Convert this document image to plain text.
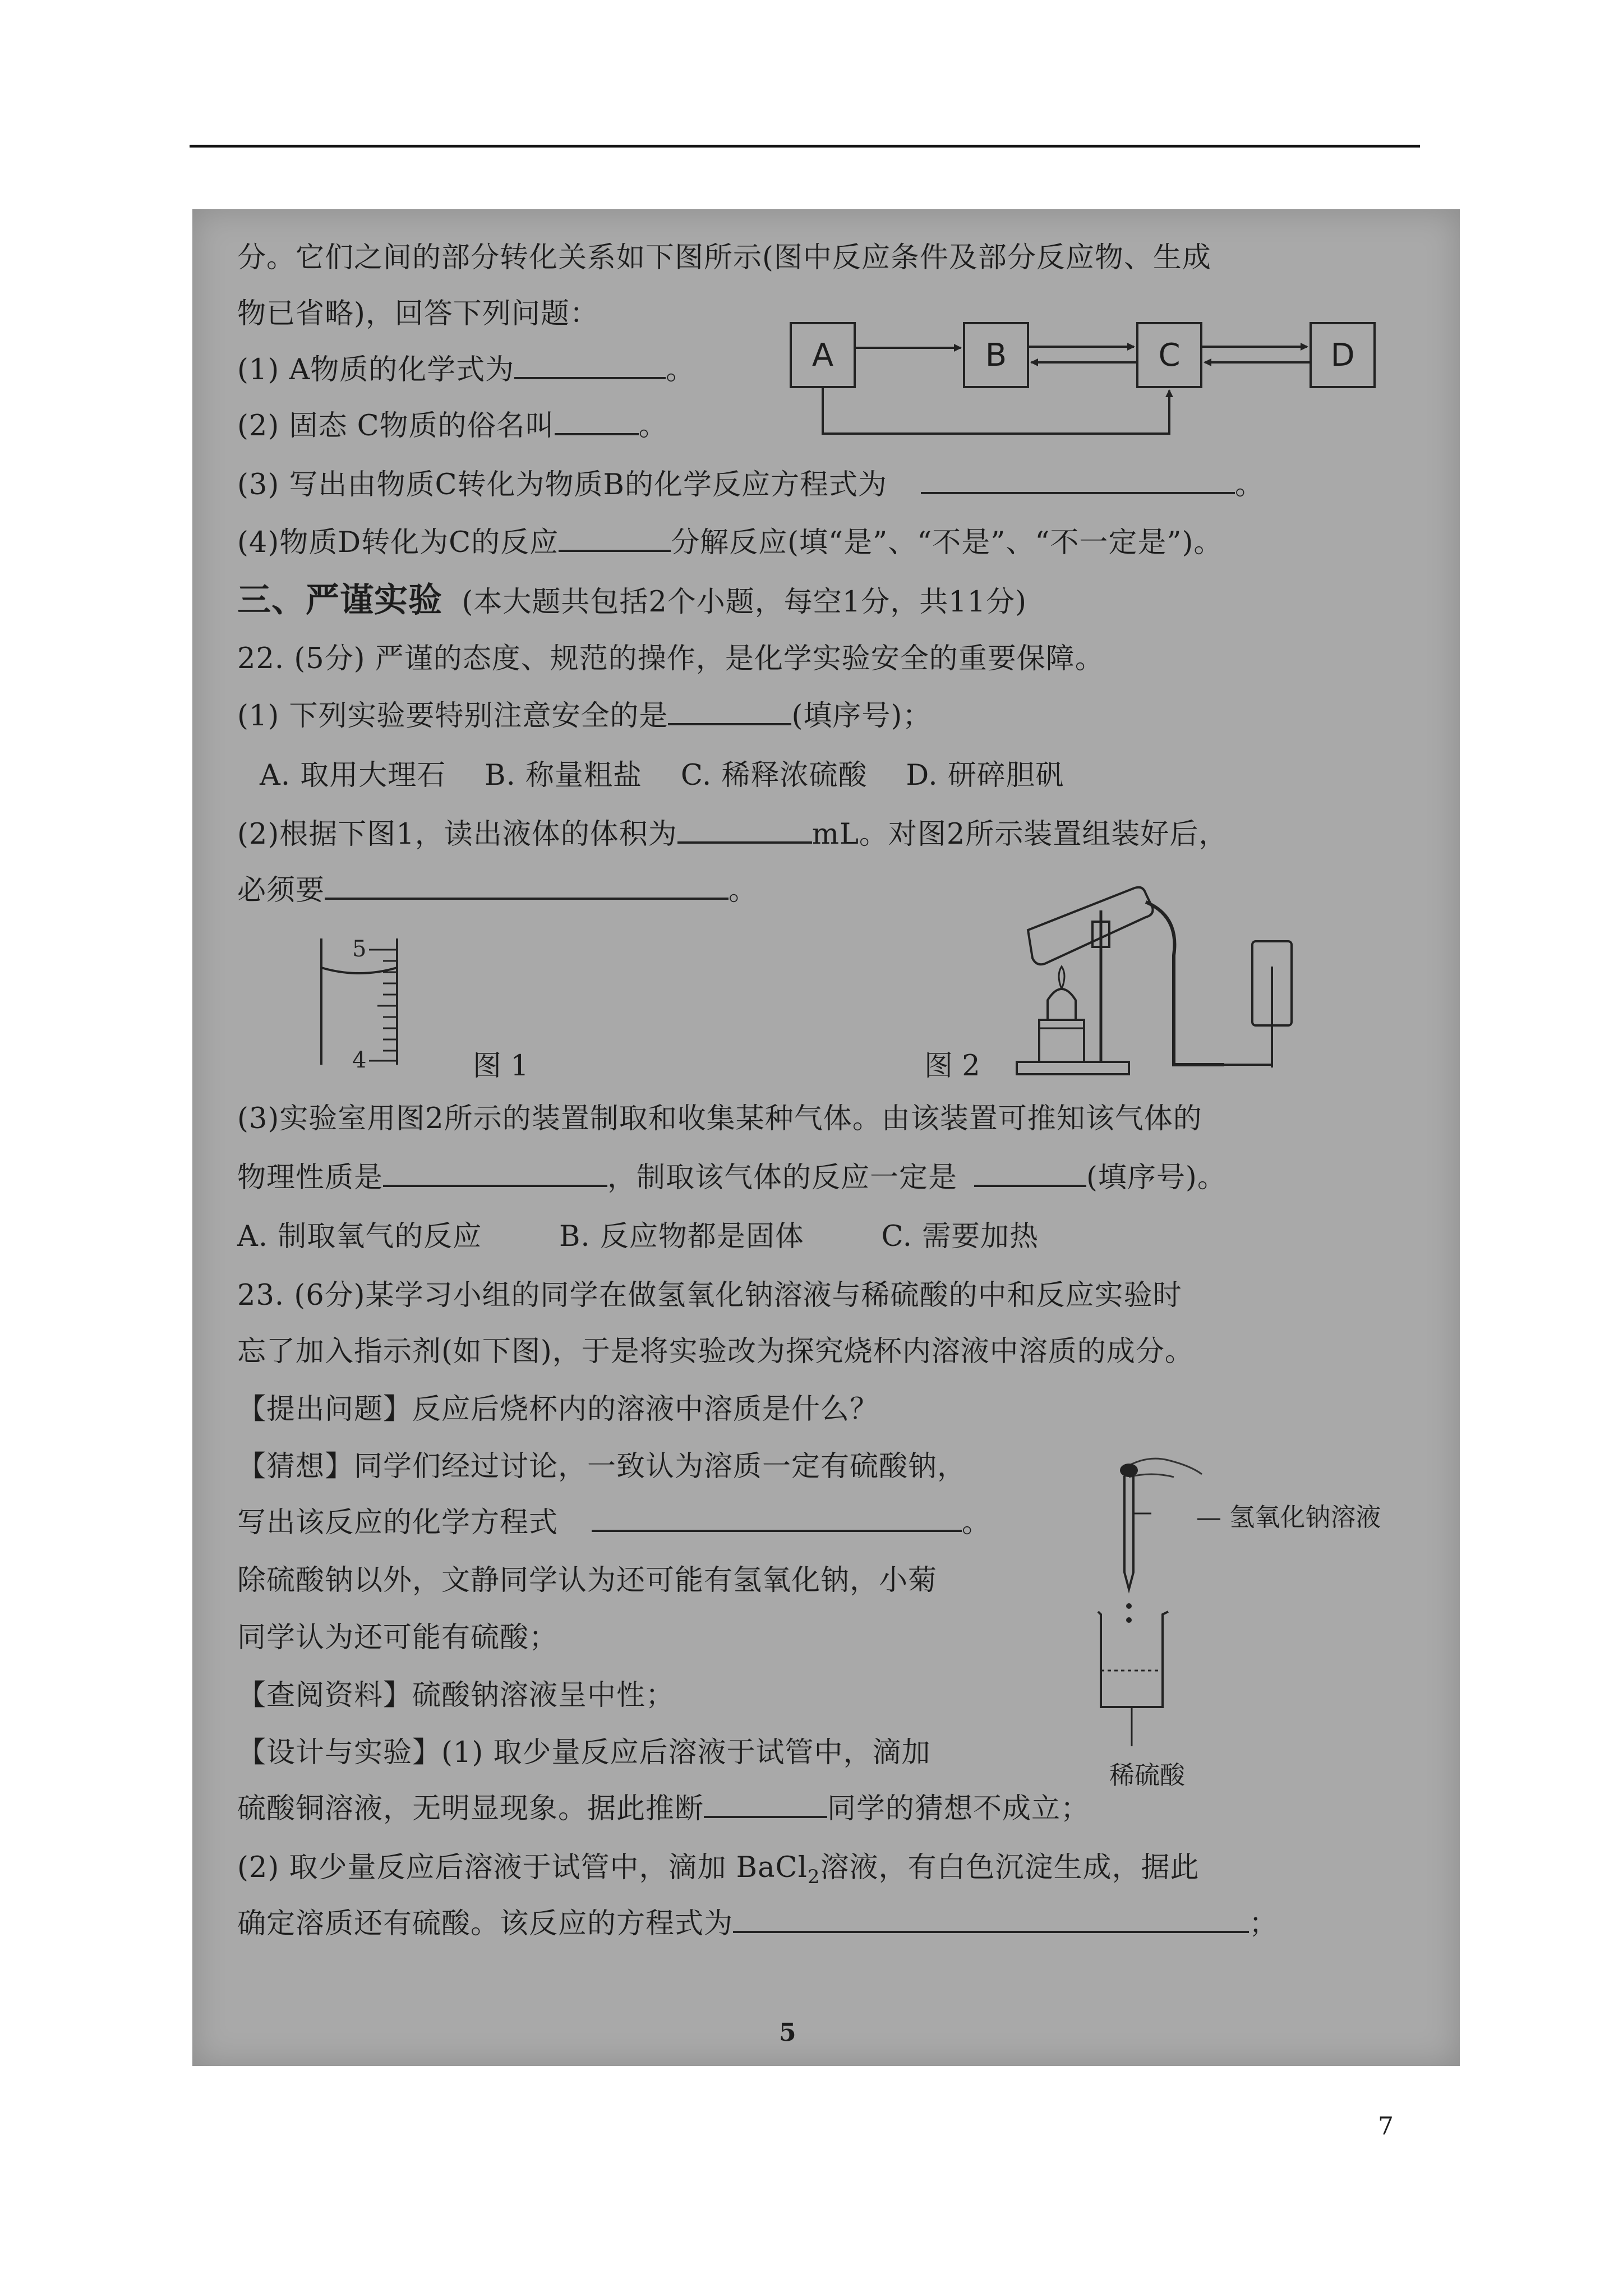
分。它们之间的部分转化关系如下图所示(图中反应条件及部分反应物、生成
物已省略)，回答下列问题：
A	B	C	D
(1) A物质的化学式为	。
(2) 固态 C物质的俗名叫	。
(3) 写出由物质C转化为物质B的化学反应方程式为	。
(4)物质D转化为C的反应	分解反应(填“是”、“不是”、“不一定是”)。
三、严谨实验 (本大题共包括2个小题，每空1分，共11分)
22. (5分) 严谨的态度、规范的操作，是化学实验安全的重要保障。
(1) 下列实验要特别注意安全的是	(填序号)；
A. 取用大理石    B. 称量粗盐    C. 稀释浓硫酸    D. 研碎胆矾
(2)根据下图1，读出液体的体积为	mL。对图2所示装置组装好后，
必须要	。
5
4	图 1	图 2
(3)实验室用图2所示的装置制取和收集某种气体。由该装置可推知该气体的
物理性质是	，制取该气体的反应一定是	(填序号)。
A. 制取氧气的反应        B. 反应物都是固体        C. 需要加热
23. (6分)某学习小组的同学在做氢氧化钠溶液与稀硫酸的中和反应实验时
忘了加入指示剂(如下图)，于是将实验改为探究烧杯内溶液中溶质的成分。
【提出问题】反应后烧杯内的溶液中溶质是什么？
【猜想】同学们经过讨论，一致认为溶质一定有硫酸钠，
写出该反应的化学方程式	。
除硫酸钠以外，文静同学认为还可能有氢氧化钠，小菊
同学认为还可能有硫酸；
【查阅资料】硫酸钠溶液呈中性；
【设计与实验】(1) 取少量反应后溶液于试管中，滴加
硫酸铜溶液，无明显现象。据此推断	同学的猜想不成立；
(2) 取少量反应后溶液于试管中，滴加 BaCl$_2$溶液，有白色沉淀生成，据此
确定溶质还有硫酸。该反应的方程式为	；
— 氢氧化钠溶液
稀硫酸
5
7
